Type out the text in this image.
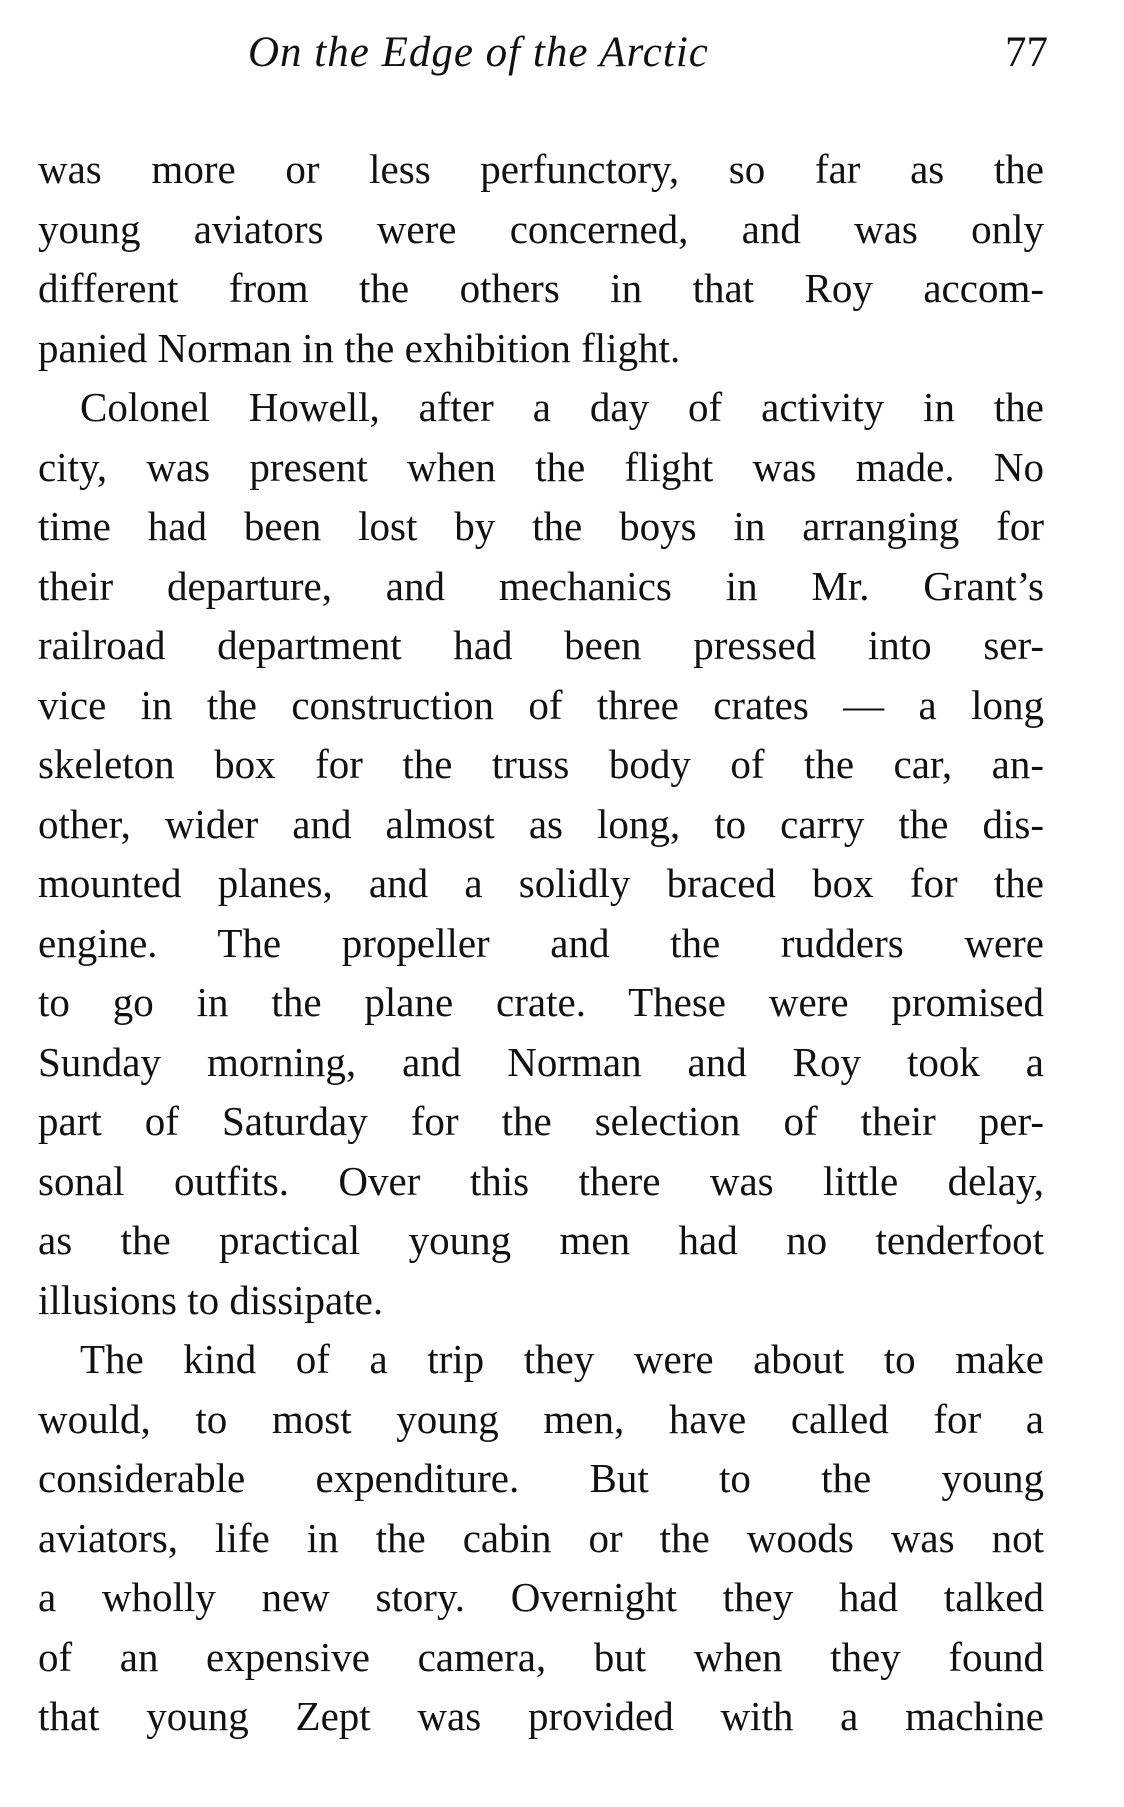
On the Edge of the Arctic	77
was more or less perfunctory, so far as the
young aviators were concerned, and was only
different from the others in that Roy accom-
panied Norman in the exhibition flight.
Colonel Howell, after a day of activity in the
city, was present when the flight was made. No
time had been lost by the boys in arranging for
their departure, and mechanics in Mr. Grant’s
railroad department had been pressed into ser-
vice in the construction of three crates — a long
skeleton box for the truss body of the car, an-
other, wider and almost as long, to carry the dis-
mounted planes, and a solidly braced box for the
engine. The propeller and the rudders were
to go in the plane crate. These were promised
Sunday morning, and Norman and Roy took a
part of Saturday for the selection of their per-
sonal outfits. Over this there was little delay,
as the practical young men had no tenderfoot
illusions to dissipate.
The kind of a trip they were about to make
would, to most young men, have called for a
considerable expenditure. But to the young
aviators, life in the cabin or the woods was not
a wholly new story. Overnight they had talked
of an expensive camera, but when they found
that young Zept was provided with a machine
